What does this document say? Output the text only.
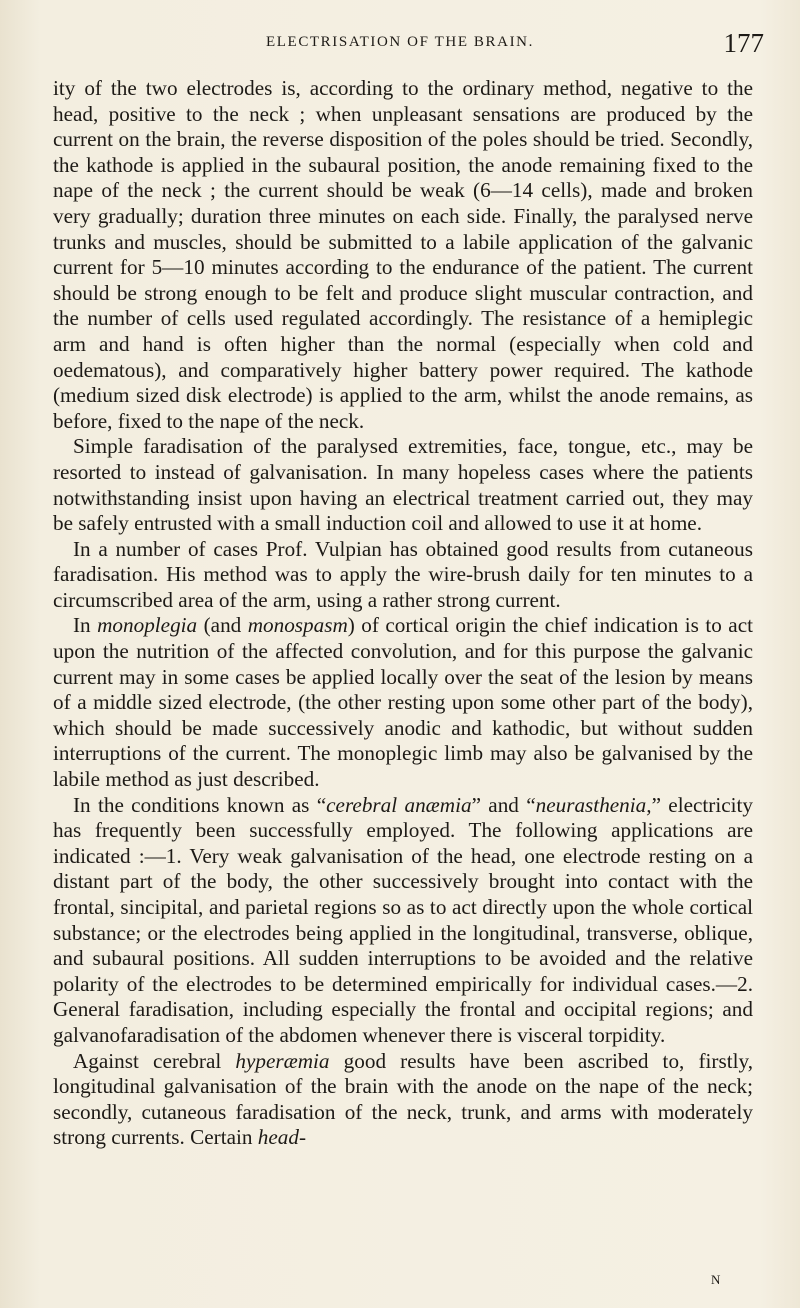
ELECTRISATION OF THE BRAIN.	177

ity of the two electrodes is, according to the ordinary method, negative to the head, positive to the neck ; when unpleasant sensations are produced by the current on the brain, the reverse disposition of the poles should be tried. Secondly, the kathode is applied in the subaural position, the anode remaining fixed to the nape of the neck ; the current should be weak (6—14 cells), made and broken very gradually; duration three minutes on each side. Finally, the paralysed nerve trunks and muscles, should be submitted to a labile application of the galvanic current for 5—10 minutes according to the endurance of the patient. The current should be strong enough to be felt and produce slight muscular contraction, and the number of cells used regulated accordingly. The resistance of a hemiplegic arm and hand is often higher than the normal (especially when cold and oedematous), and comparatively higher battery power required. The kathode (medium sized disk electrode) is applied to the arm, whilst the anode remains, as before, fixed to the nape of the neck.

Simple faradisation of the paralysed extremities, face, tongue, etc., may be resorted to instead of galvanisation. In many hopeless cases where the patients notwithstanding insist upon having an electrical treatment carried out, they may be safely entrusted with a small induction coil and allowed to use it at home.

In a number of cases Prof. Vulpian has obtained good results from cutaneous faradisation. His method was to apply the wire-brush daily for ten minutes to a circumscribed area of the arm, using a rather strong current.

In monoplegia (and monospasm) of cortical origin the chief indication is to act upon the nutrition of the affected convolution, and for this purpose the galvanic current may in some cases be applied locally over the seat of the lesion by means of a middle sized electrode, (the other resting upon some other part of the body), which should be made successively anodic and kathodic, but without sudden interruptions of the current. The monoplegic limb may also be galvanised by the labile method as just described.

In the conditions known as “cerebral anæmia” and “neurasthenia,” electricity has frequently been successfully employed. The following applications are indicated :—1. Very weak galvanisation of the head, one electrode resting on a distant part of the body, the other successively brought into contact with the frontal, sincipital, and parietal regions so as to act directly upon the whole cortical substance; or the electrodes being applied in the longitudinal, transverse, oblique, and subaural positions. All sudden interruptions to be avoided and the relative polarity of the electrodes to be determined empirically for individual cases.—2. General faradisation, including especially the frontal and occipital regions; and galvanofaradisation of the abdomen whenever there is visceral torpidity.

Against cerebral hyperæmia good results have been ascribed to, firstly, longitudinal galvanisation of the brain with the anode on the nape of the neck; secondly, cutaneous faradisation of the neck, trunk, and arms with moderately strong currents. Certain head-

N
